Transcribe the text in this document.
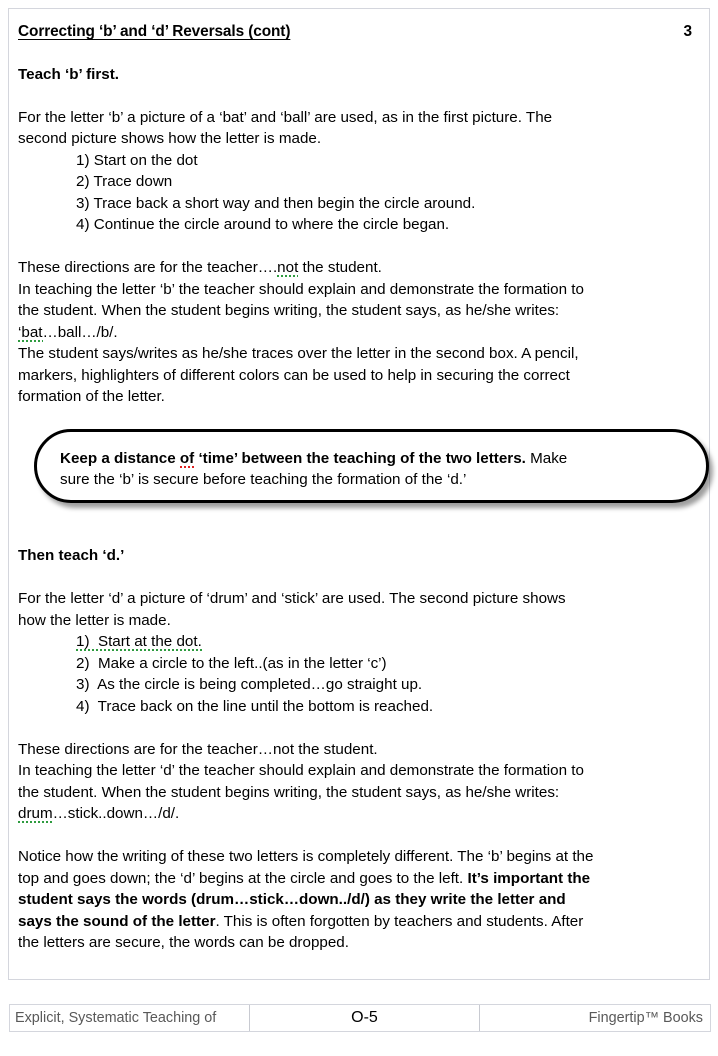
Correcting ‘b’ and ‘d’ Reversals (cont)	3

Teach ‘b’ first.

For the letter ‘b’ a picture of a ‘bat’ and ‘ball’ are used, as in the first picture. The

second picture shows how the letter is made.

1) Start on the dot
2) Trace down
3) Trace back a short way and then begin the circle around.
4) Continue the circle around to where the circle began.

These directions are for the teacher….not the student.

In teaching the letter ‘b’ the teacher should explain and demonstrate the formation to

the student. When the student begins writing, the student says, as he/she writes:

‘bat…ball…/b/.

The student says/writes as he/she traces over the letter in the second box. A pencil,

markers, highlighters of different colors can be used to help in securing the correct

formation of the letter.

Keep a distance of ‘time’ between the teaching of the two letters. Make
sure the ‘b’ is secure before teaching the formation of the ‘d.’

Then teach ‘d.’

For the letter ‘d’ a picture of ‘drum’ and ‘stick’ are used. The second picture shows

how the letter is made.

1)  Start at the dot.
2)  Make a circle to the left..(as in the letter ‘c’)
3)  As the circle is being completed…go straight up.
4)  Trace back on the line until the bottom is reached.

These directions are for the teacher…not the student.

In teaching the letter ‘d’ the teacher should explain and demonstrate the formation to

the student. When the student begins writing, the student says, as he/she writes:

drum…stick..down…/d/.

Notice how the writing of these two letters is completely different. The ‘b’ begins at the

top and goes down; the ‘d’ begins at the circle and goes to the left. It’s important the

student says the words (drum…stick…down../d/) as they write the letter and

says the sound of the letter. This is often forgotten by teachers and students. After

the letters are secure, the words can be dropped.

Explicit, Systematic Teaching of	O-5	Fingertip™ Books
